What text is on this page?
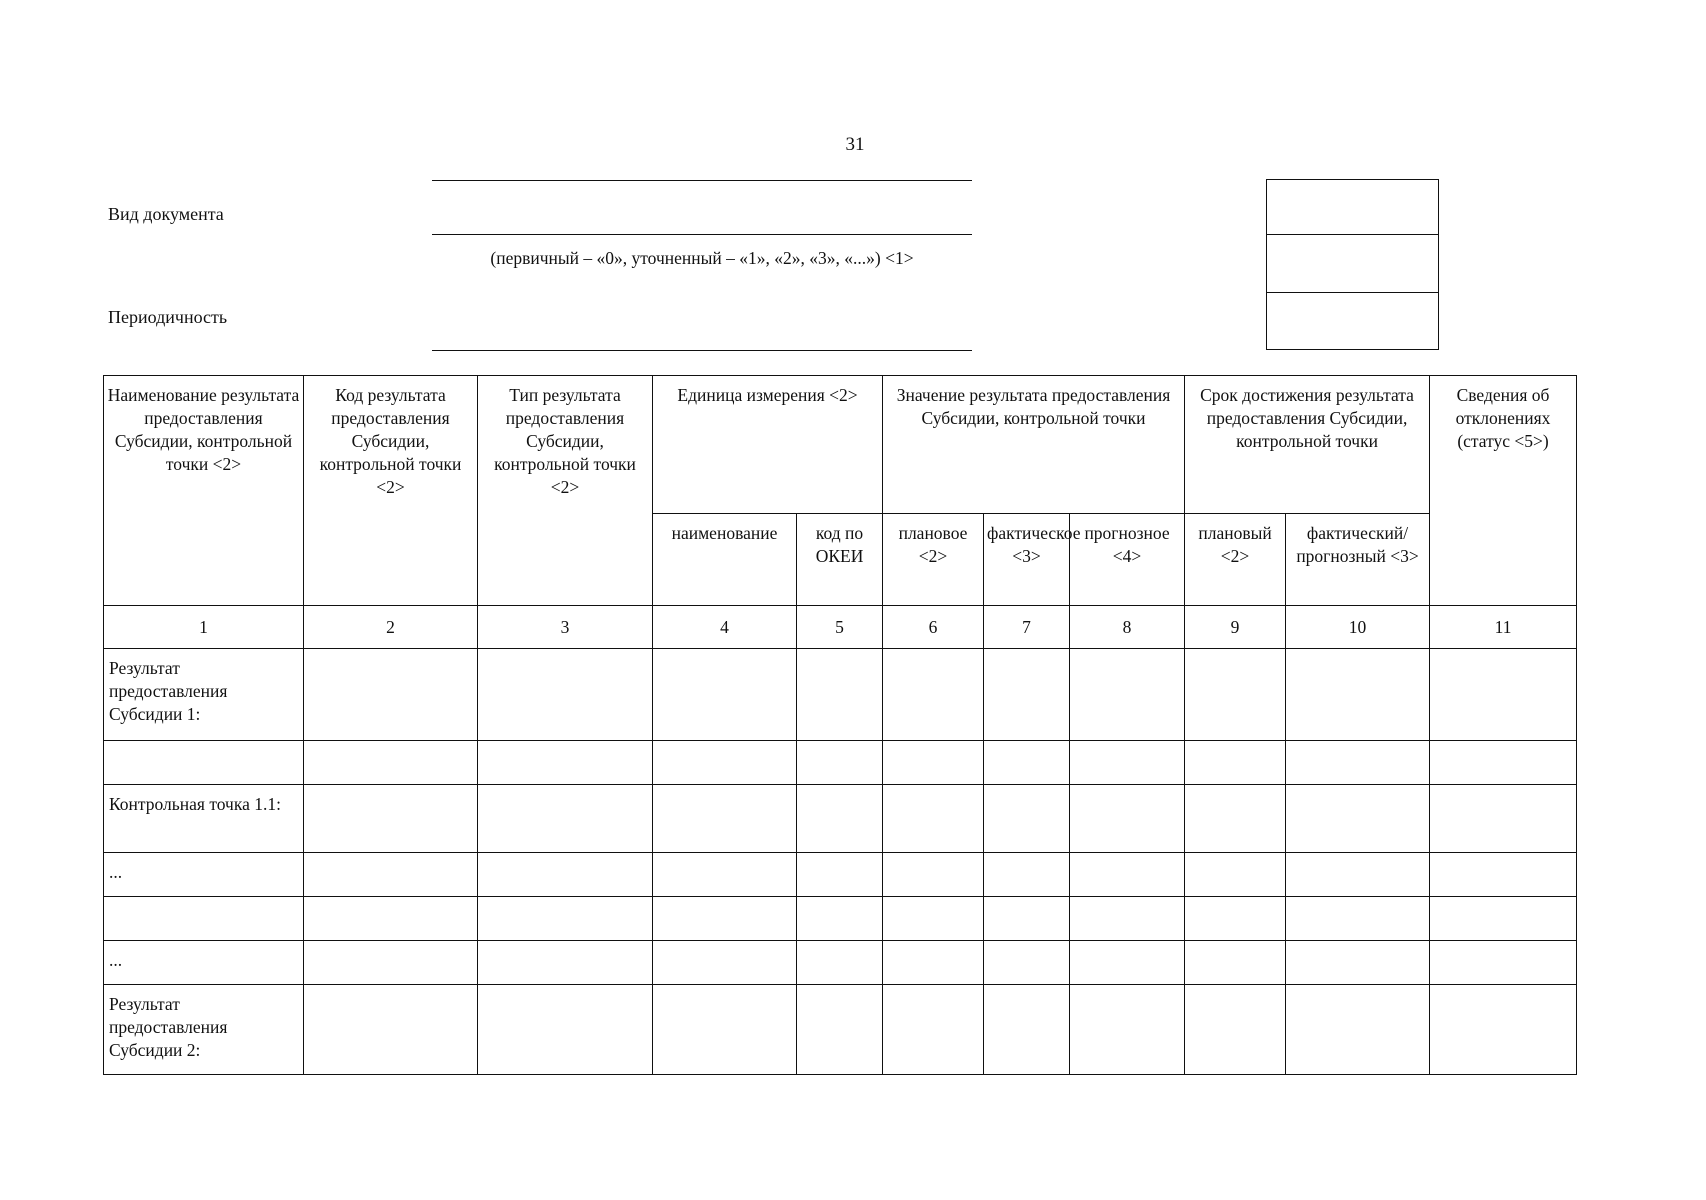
31
Вид документа
(первичный – «0», уточненный – «1», «2», «3», «...») <1>
Периодичность
Наименование результата предоставления Субсидии, контрольной точки <2>	Код результата предоставления Субсидии, контрольной точки <2>	Тип результата предоставления Субсидии, контрольной точки <2>	Единица измерения <2>		Значение результата предоставления Субсидии, контрольной точки			Срок достижения результата предоставления Субсидии, контрольной точки		Сведения об отклонениях (статус <5>)
			наименование	код по ОКЕИ	плановое <2>	фактическое <3>	прогнозное <4>	плановый <2>	фактический/ прогнозный <3>	
1	2	3	4	5	6	7	8	9	10	11
Результат предоставления Субсидии 1:										

Контрольная точка 1.1:										
...										

...										
Результат предоставления Субсидии 2:										
